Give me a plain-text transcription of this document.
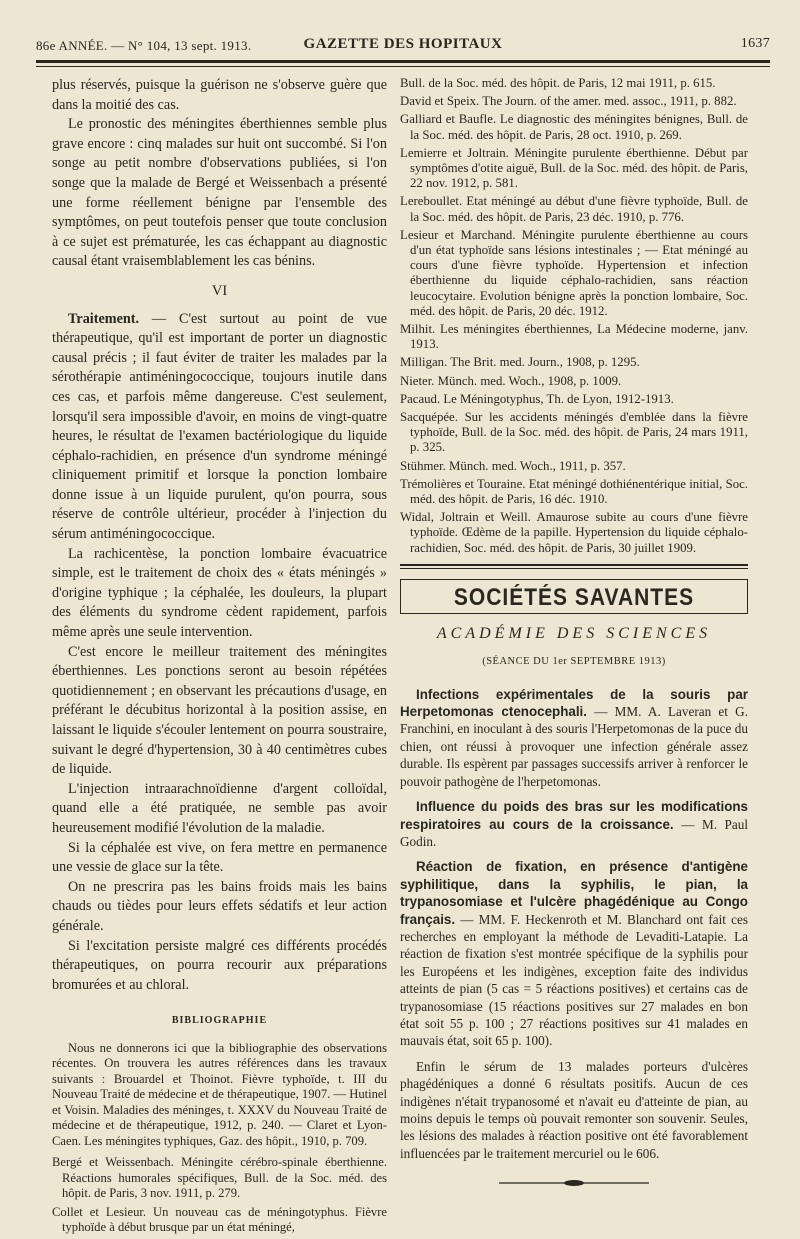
86e ANNÉE. — N° 104, 13 sept. 1913.	GAZETTE DES HOPITAUX	1637

plus réservés, puisque la guérison ne s'observe guère que dans la moitié des cas.

Le pronostic des méningites éberthiennes semble plus grave encore : cinq malades sur huit ont succombé. Si l'on songe au petit nombre d'observations publiées, si l'on songe que la malade de Bergé et Weissenbach a présenté une forme réellement bénigne par l'ensemble des symptômes, on peut toutefois penser que toute conclusion à ce sujet est prématurée, les cas échappant au diagnostic causal étant vraisemblablement les cas bénins.

VI

Traitement. — C'est surtout au point de vue thérapeutique, qu'il est important de porter un diagnostic causal précis ; il faut éviter de traiter les malades par la sérothérapie antiméningococcique, toujours inutile dans ces cas, et parfois même dangereuse. C'est seulement, lorsqu'il sera impossible d'avoir, en moins de vingt-quatre heures, le résultat de l'examen bactériologique du liquide céphalo-rachidien, en présence d'un syndrome méningé cliniquement primitif et lorsque la ponction lombaire donne issue à un liquide purulent, qu'on pourra, sous réserve de contrôle ultérieur, procéder à l'injection du sérum antiméningococcique.

La rachicentèse, la ponction lombaire évacuatrice simple, est le traitement de choix des « états méningés » d'origine typhique ; la céphalée, les douleurs, la plupart des éléments du syndrome cèdent rapidement, parfois même après une seule intervention.

C'est encore le meilleur traitement des méningites éberthiennes. Les ponctions seront au besoin répétées quotidiennement ; en observant les précautions d'usage, en préférant le décubitus horizontal à la position assise, en laissant le liquide s'écouler lentement on pourra soustraire, suivant le degré d'hypertension, 30 à 40 centimètres cubes de liquide.

L'injection intraarachnoïdienne d'argent colloïdal, quand elle a été pratiquée, ne semble pas avoir heureusement modifié l'évolution de la maladie.

Si la céphalée est vive, on fera mettre en permanence une vessie de glace sur la tête.

On ne prescrira pas les bains froids mais les bains chauds ou tièdes pour leurs effets sédatifs et leur action générale.

Si l'excitation persiste malgré ces différents procédés thérapeutiques, on pourra recourir aux préparations bromurées et au chloral.

BIBLIOGRAPHIE

Nous ne donnerons ici que la bibliographie des observations récentes. On trouvera les autres références dans les travaux suivants : Brouardel et Thoinot. Fièvre typhoïde, t. III du Nouveau Traité de médecine et de thérapeutique, 1907. — Hutinel et Voisin. Maladies des méninges, t. XXXV du Nouveau Traité de médecine et de thérapeutique, 1912, p. 240. — Claret et Lyon-Caen. Les méningites typhiques, Gaz. des hôpit., 1910, p. 709.

Bergé et Weissenbach. Méningite cérébro-spinale éberthienne. Réactions humorales spécifiques, Bull. de la Soc. méd. des hôpit. de Paris, 3 nov. 1911, p. 279.

Collet et Lesieur. Un nouveau cas de méningotyphus. Fièvre typhoïde à début brusque par un état méningé,

Bull. de la Soc. méd. des hôpit. de Paris, 12 mai 1911, p. 615.

David et Speix. The Journ. of the amer. med. assoc., 1911, p. 882.

Galliard et Baufle. Le diagnostic des méningites bénignes, Bull. de la Soc. méd. des hôpit. de Paris, 28 oct. 1910, p. 269.

Lemierre et Joltrain. Méningite purulente éberthienne. Début par symptômes d'otite aiguë, Bull. de la Soc. méd. des hôpit. de Paris, 22 nov. 1912, p. 581.

Lereboullet. Etat méningé au début d'une fièvre typhoïde, Bull. de la Soc. méd. des hôpit. de Paris, 23 déc. 1910, p. 776.

Lesieur et Marchand. Méningite purulente éberthienne au cours d'un état typhoïde sans lésions intestinales ; — Etat méningé au cours d'une fièvre typhoïde. Hypertension et infection éberthienne du liquide céphalo-rachidien, sans réaction leucocytaire. Evolution bénigne après la ponction lombaire, Soc. méd. des hôpit. de Paris, 20 déc. 1912.

Milhit. Les méningites éberthiennes, La Médecine moderne, janv. 1913.

Milligan. The Brit. med. Journ., 1908, p. 1295.

Nieter. Münch. med. Woch., 1908, p. 1009.

Pacaud. Le Méningotyphus, Th. de Lyon, 1912-1913.

Sacquépée. Sur les accidents méningés d'emblée dans la fièvre typhoïde, Bull. de la Soc. méd. des hôpit. de Paris, 24 mars 1911, p. 325.

Stühmer. Münch. med. Woch., 1911, p. 357.

Trémolières et Touraine. Etat méningé dothiénentérique initial, Soc. méd. des hôpit. de Paris, 16 déc. 1910.

Widal, Joltrain et Weill. Amaurose subite au cours d'une fièvre typhoïde. Œdème de la papille. Hypertension du liquide céphalo-rachidien, Soc. méd. des hôpit. de Paris, 30 juillet 1909.

SOCIÉTÉS SAVANTES
ACADÉMIE DES SCIENCES
(SÉANCE DU 1er SEPTEMBRE 1913)

Infections expérimentales de la souris par Herpetomonas ctenocephali. — MM. A. Laveran et G. Franchini, en inoculant à des souris l'Herpetomonas de la puce du chien, ont réussi à provoquer une infection générale assez durable. Ils espèrent par passages successifs arriver à renforcer le pouvoir pathogène de l'herpetomonas.

Influence du poids des bras sur les modifications respiratoires au cours de la croissance. — M. Paul Godin.

Réaction de fixation, en présence d'antigène syphilitique, dans la syphilis, le pian, la trypanosomiase et l'ulcère phagédénique au Congo français. — MM. F. Heckenroth et M. Blanchard ont fait ces recherches en employant la méthode de Levaditi-Latapie. La réaction de fixation s'est montrée spécifique de la syphilis pour les Européens et les indigènes, exception faite des individus atteints de pian (5 cas = 5 réactions positives) et certains cas de trypanosomiase (15 réactions positives sur 27 malades en bon état soit 55 p. 100 ; 27 réactions positives sur 41 malades en mauvais état, soit 65 p. 100).

Enfin le sérum de 13 malades porteurs d'ulcères phagédéniques a donné 6 résultats positifs. Aucun de ces indigènes n'était trypanosomé et n'avait eu d'atteinte de pian, au moins depuis le temps où pouvait remonter son souvenir. Seules, les lésions des malades à réaction positive ont été favorablement influencées par le traitement mercuriel ou le 606.
